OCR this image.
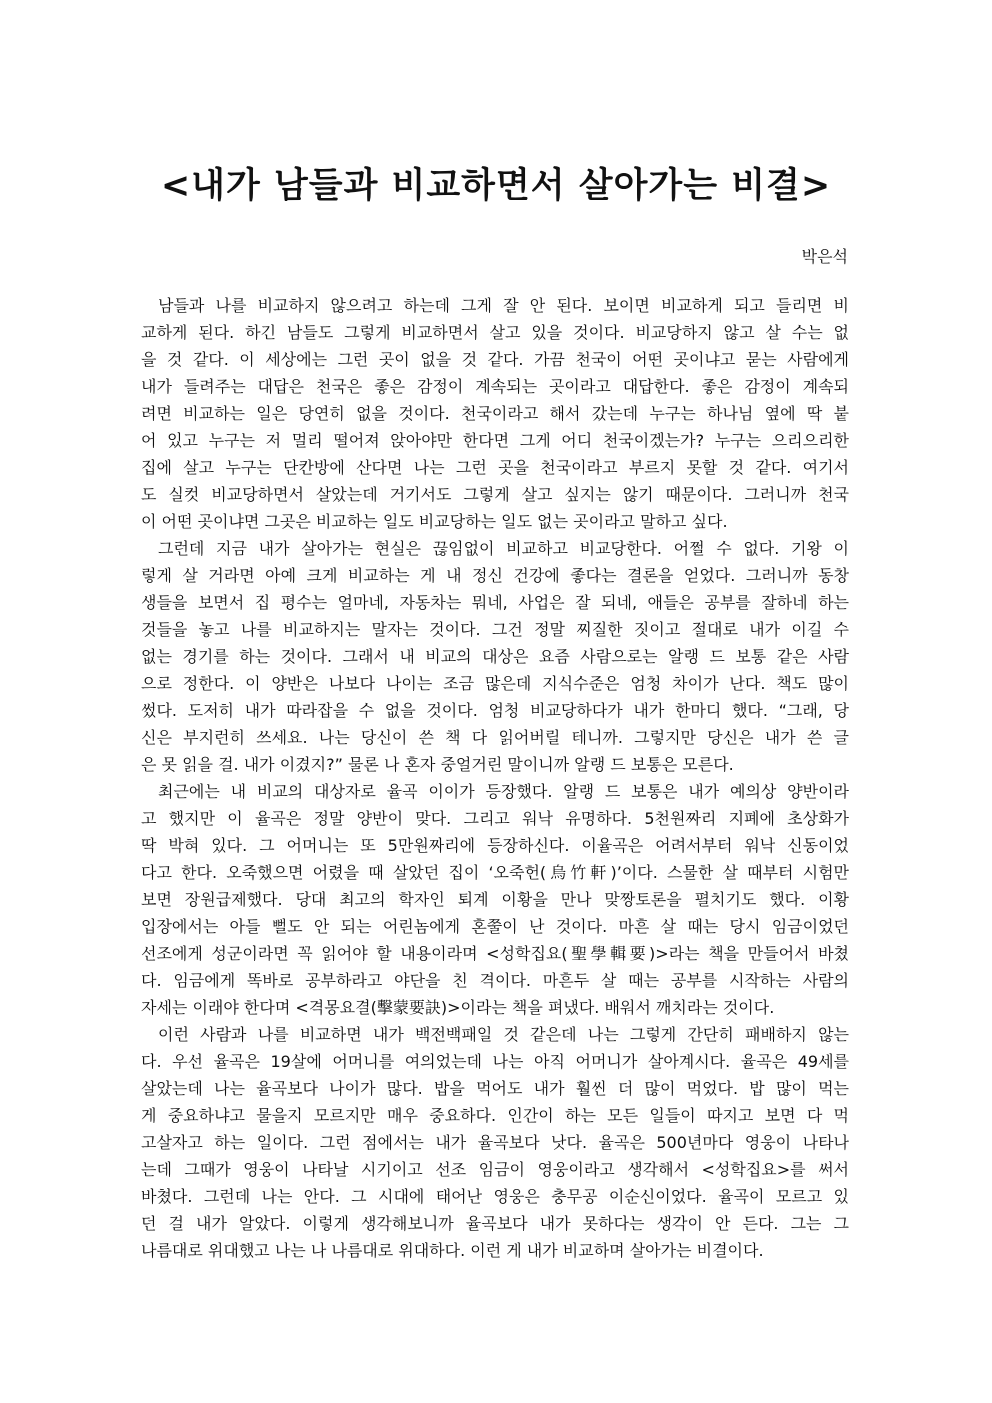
<내가 남들과 비교하면서 살아가는 비결>
박은석
남들과 나를 비교하지 않으려고 하는데 그게 잘 안 된다. 보이면 비교하게 되고 들리면 비
교하게 된다. 하긴 남들도 그렇게 비교하면서 살고 있을 것이다. 비교당하지 않고 살 수는 없
을 것 같다. 이 세상에는 그런 곳이 없을 것 같다. 가끔 천국이 어떤 곳이냐고 묻는 사람에게
내가 들려주는 대답은 천국은 좋은 감정이 계속되는 곳이라고 대답한다. 좋은 감정이 계속되
려면 비교하는 일은 당연히 없을 것이다. 천국이라고 해서 갔는데 누구는 하나님 옆에 딱 붙
어 있고 누구는 저 멀리 떨어져 앉아야만 한다면 그게 어디 천국이겠는가? 누구는 으리으리한
집에 살고 누구는 단칸방에 산다면 나는 그런 곳을 천국이라고 부르지 못할 것 같다. 여기서
도 실컷 비교당하면서 살았는데 거기서도 그렇게 살고 싶지는 않기 때문이다. 그러니까 천국
이 어떤 곳이냐면 그곳은 비교하는 일도 비교당하는 일도 없는 곳이라고 말하고 싶다.
그런데 지금 내가 살아가는 현실은 끊임없이 비교하고 비교당한다. 어쩔 수 없다. 기왕 이
렇게 살 거라면 아예 크게 비교하는 게 내 정신 건강에 좋다는 결론을 얻었다. 그러니까 동창
생들을 보면서 집 평수는 얼마네, 자동차는 뭐네, 사업은 잘 되네, 애들은 공부를 잘하네 하는
것들을 놓고 나를 비교하지는 말자는 것이다. 그건 정말 찌질한 짓이고 절대로 내가 이길 수
없는 경기를 하는 것이다. 그래서 내 비교의 대상은 요즘 사람으로는 알랭 드 보통 같은 사람
으로 정한다. 이 양반은 나보다 나이는 조금 많은데 지식수준은 엄청 차이가 난다. 책도 많이
썼다. 도저히 내가 따라잡을 수 없을 것이다. 엄청 비교당하다가 내가 한마디 했다. “그래, 당
신은 부지런히 쓰세요. 나는 당신이 쓴 책 다 읽어버릴 테니까. 그렇지만 당신은 내가 쓴 글
은 못 읽을 걸. 내가 이겼지?” 물론 나 혼자 중얼거린 말이니까 알랭 드 보통은 모른다.
최근에는 내 비교의 대상자로 율곡 이이가 등장했다. 알랭 드 보통은 내가 예의상 양반이라
고 했지만 이 율곡은 정말 양반이 맞다. 그리고 워낙 유명하다. 5천원짜리 지폐에 초상화가
딱 박혀 있다. 그 어머니는 또 5만원짜리에 등장하신다. 이율곡은 어려서부터 워낙 신동이었
다고 한다. 오죽했으면 어렸을 때 살았던 집이 ‘오죽헌(烏竹軒)’이다. 스물한 살 때부터 시험만
보면 장원급제했다. 당대 최고의 학자인 퇴계 이황을 만나 맞짱토론을 펼치기도 했다. 이황
입장에서는 아들 뻘도 안 되는 어린놈에게 혼쭐이 난 것이다. 마흔 살 때는 당시 임금이었던
선조에게 성군이라면 꼭 읽어야 할 내용이라며 <성학집요(聖學輯要)>라는 책을 만들어서 바쳤
다. 임금에게 똑바로 공부하라고 야단을 친 격이다. 마흔두 살 때는 공부를 시작하는 사람의
자세는 이래야 한다며 <격몽요결(擊蒙要訣)>이라는 책을 펴냈다. 배워서 깨치라는 것이다.
이런 사람과 나를 비교하면 내가 백전백패일 것 같은데 나는 그렇게 간단히 패배하지 않는
다. 우선 율곡은 19살에 어머니를 여의었는데 나는 아직 어머니가 살아계시다. 율곡은 49세를
살았는데 나는 율곡보다 나이가 많다. 밥을 먹어도 내가 훨씬 더 많이 먹었다. 밥 많이 먹는
게 중요하냐고 물을지 모르지만 매우 중요하다. 인간이 하는 모든 일들이 따지고 보면 다 먹
고살자고 하는 일이다. 그런 점에서는 내가 율곡보다 낫다. 율곡은 500년마다 영웅이 나타나
는데 그때가 영웅이 나타날 시기이고 선조 임금이 영웅이라고 생각해서 <성학집요>를 써서
바쳤다. 그런데 나는 안다. 그 시대에 태어난 영웅은 충무공 이순신이었다. 율곡이 모르고 있
던 걸 내가 알았다. 이렇게 생각해보니까 율곡보다 내가 못하다는 생각이 안 든다. 그는 그
나름대로 위대했고 나는 나 나름대로 위대하다. 이런 게 내가 비교하며 살아가는 비결이다.
